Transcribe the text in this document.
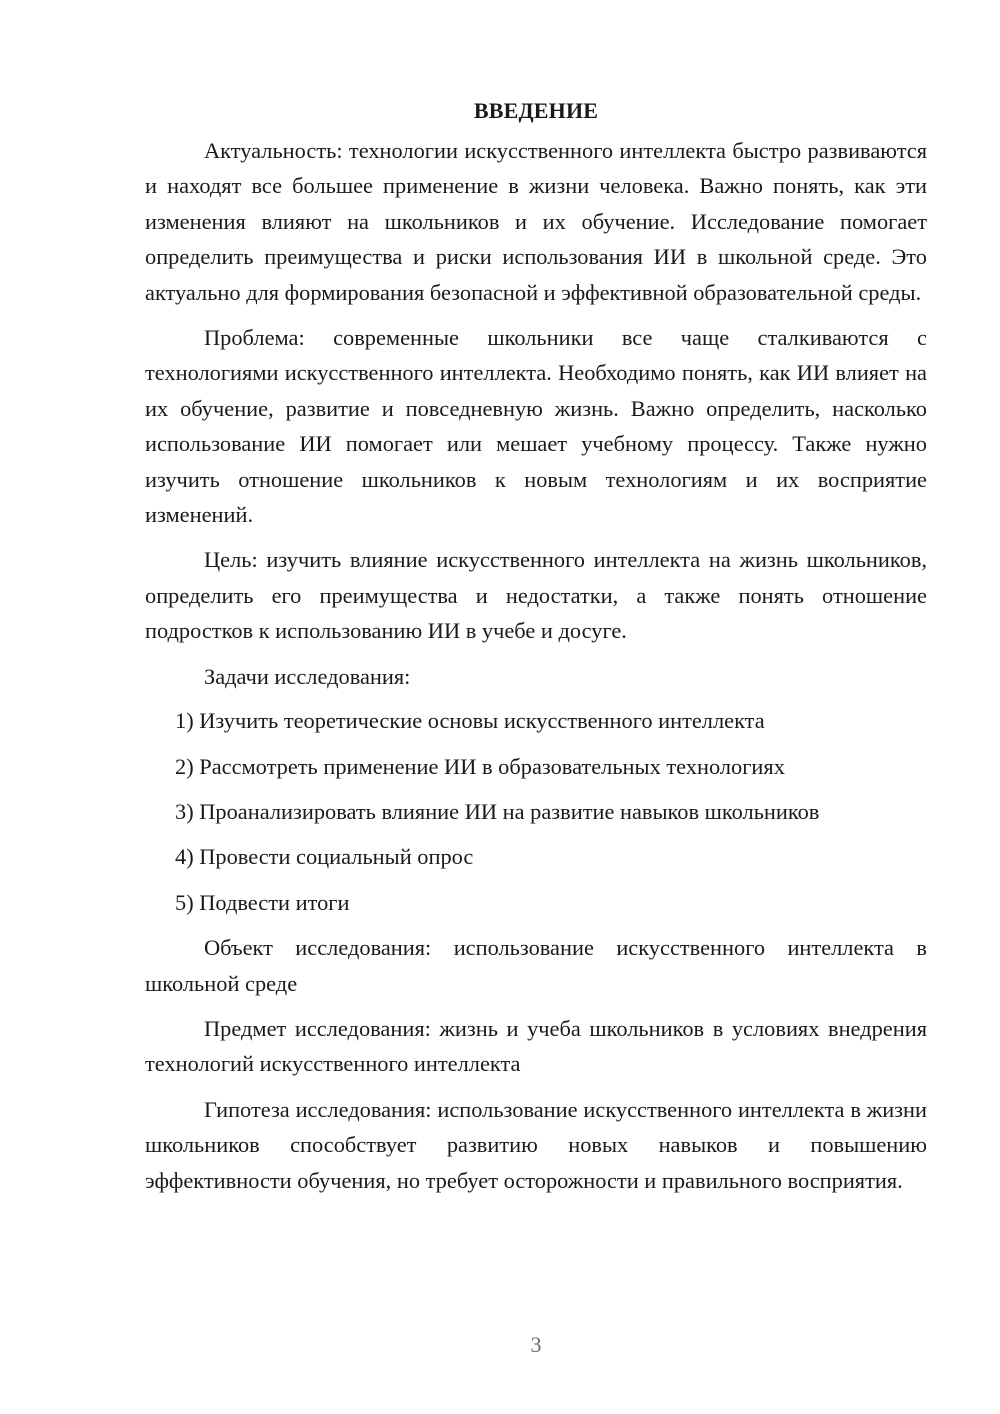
ВВЕДЕНИЕ

Актуальность: технологии искусственного интеллекта быстро развиваются и находят все большее применение в жизни человека. Важно понять, как эти изменения влияют на школьников и их обучение. Исследование помогает определить преимущества и риски использования ИИ в школьной среде. Это актуально для формирования безопасной и эффективной образовательной среды.

Проблема: современные школьники все чаще сталкиваются с технологиями искусственного интеллекта. Необходимо понять, как ИИ влияет на их обучение, развитие и повседневную жизнь. Важно определить, насколько использование ИИ помогает или мешает учебному процессу. Также нужно изучить отношение школьников к новым технологиям и их восприятие изменений.

Цель: изучить влияние искусственного интеллекта на жизнь школьников, определить его преимущества и недостатки, а также понять отношение подростков к использованию ИИ в учебе и досуге.

Задачи исследования:

1) Изучить теоретические основы искусственного интеллекта
2) Рассмотреть применение ИИ в образовательных технологиях
3) Проанализировать влияние ИИ на развитие навыков школьников
4) Провести социальный опрос
5) Подвести итоги

Объект исследования: использование искусственного интеллекта в школьной среде

Предмет исследования: жизнь и учеба школьников в условиях внедрения технологий искусственного интеллекта

Гипотеза исследования: использование искусственного интеллекта в жизни школьников способствует развитию новых навыков и повышению эффективности обучения, но требует осторожности и правильного восприятия.

3
